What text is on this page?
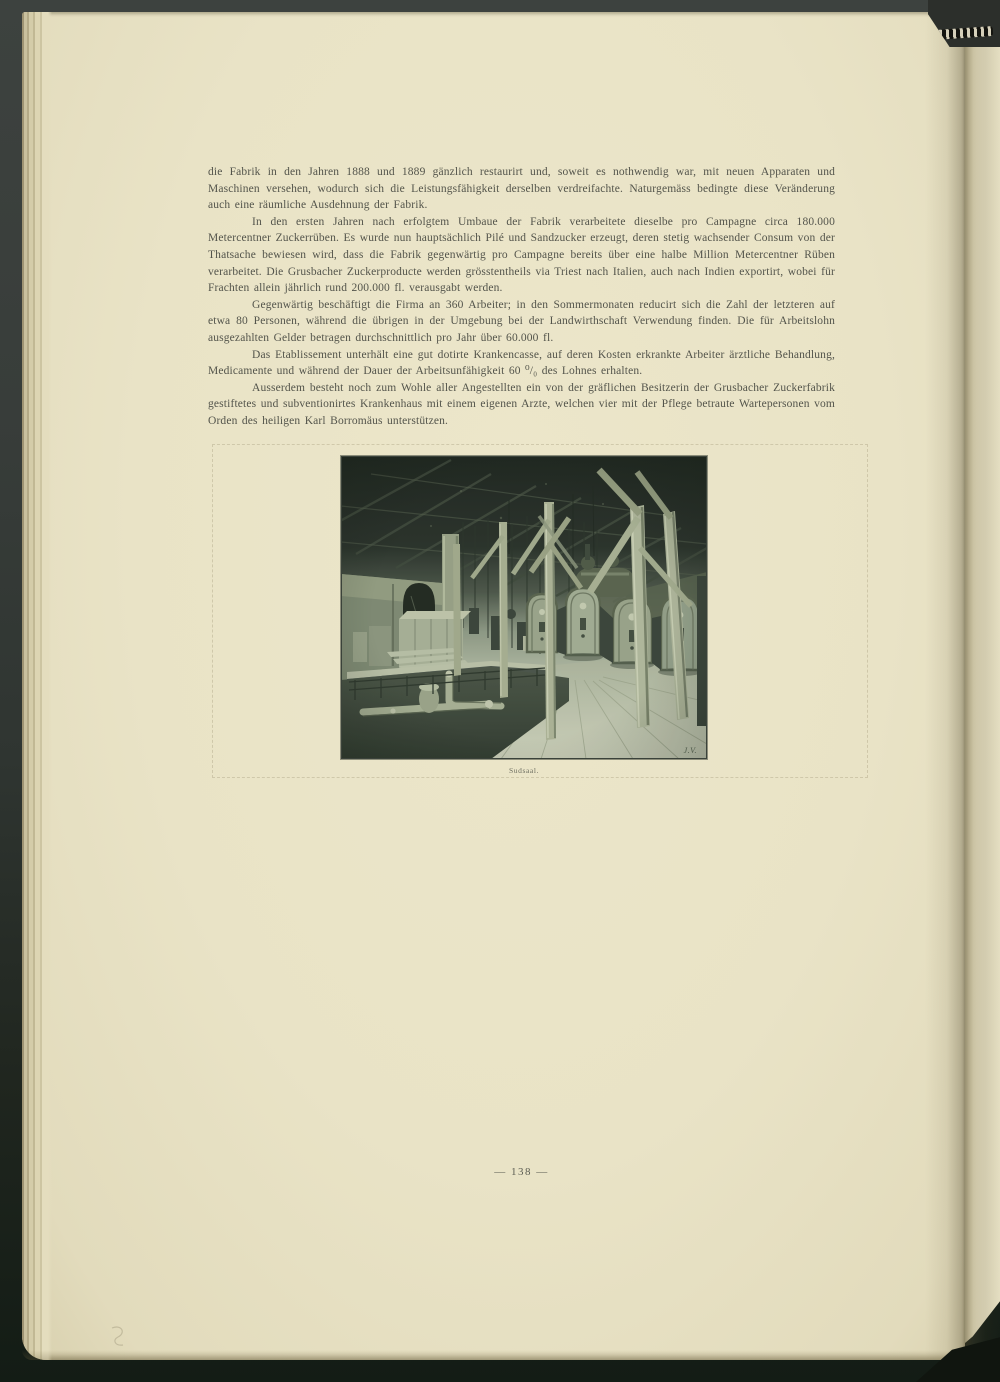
die Fabrik in den Jahren 1888 und 1889 gänzlich restaurirt und, soweit es nothwendig war, mit neuen Apparaten und Maschinen versehen, wodurch sich die Leistungsfähigkeit derselben verdreifachte. Naturgemäss bedingte diese Veränderung auch eine räumliche Ausdehnung der Fabrik.

In den ersten Jahren nach erfolgtem Umbaue der Fabrik verarbeitete dieselbe pro Campagne circa 180.000 Metercentner Zuckerrüben. Es wurde nun hauptsächlich Pilé und Sandzucker erzeugt, deren stetig wachsender Consum von der Thatsache bewiesen wird, dass die Fabrik gegenwärtig pro Campagne bereits über eine halbe Million Metercentner Rüben verarbeitet. Die Grusbacher Zuckerproducte werden grösstentheils via Triest nach Italien, auch nach Indien exportirt, wobei für Frachten allein jährlich rund 200.000 fl. verausgabt werden.

Gegenwärtig beschäftigt die Firma an 360 Arbeiter; in den Sommermonaten reducirt sich die Zahl der letzteren auf etwa 80 Personen, während die übrigen in der Umgebung bei der Landwirthschaft Verwendung finden. Die für Arbeitslohn ausgezahlten Gelder betragen durchschnittlich pro Jahr über 60.000 fl.

Das Etablissement unterhält eine gut dotirte Krankencasse, auf deren Kosten erkrankte Arbeiter ärztliche Behandlung, Medicamente und während der Dauer der Arbeitsunfähigkeit 60 ⁰/₀ des Lohnes erhalten.

Ausserdem besteht noch zum Wohle aller Angestellten ein von der gräflichen Besitzerin der Grusbacher Zuckerfabrik gestiftetes und subventionirtes Krankenhaus mit einem eigenen Arzte, welchen vier mit der Pflege betraute Wartepersonen vom Orden des heiligen Karl Borromäus unterstützen.

J.V.
Sudsaal.
— 138 —
